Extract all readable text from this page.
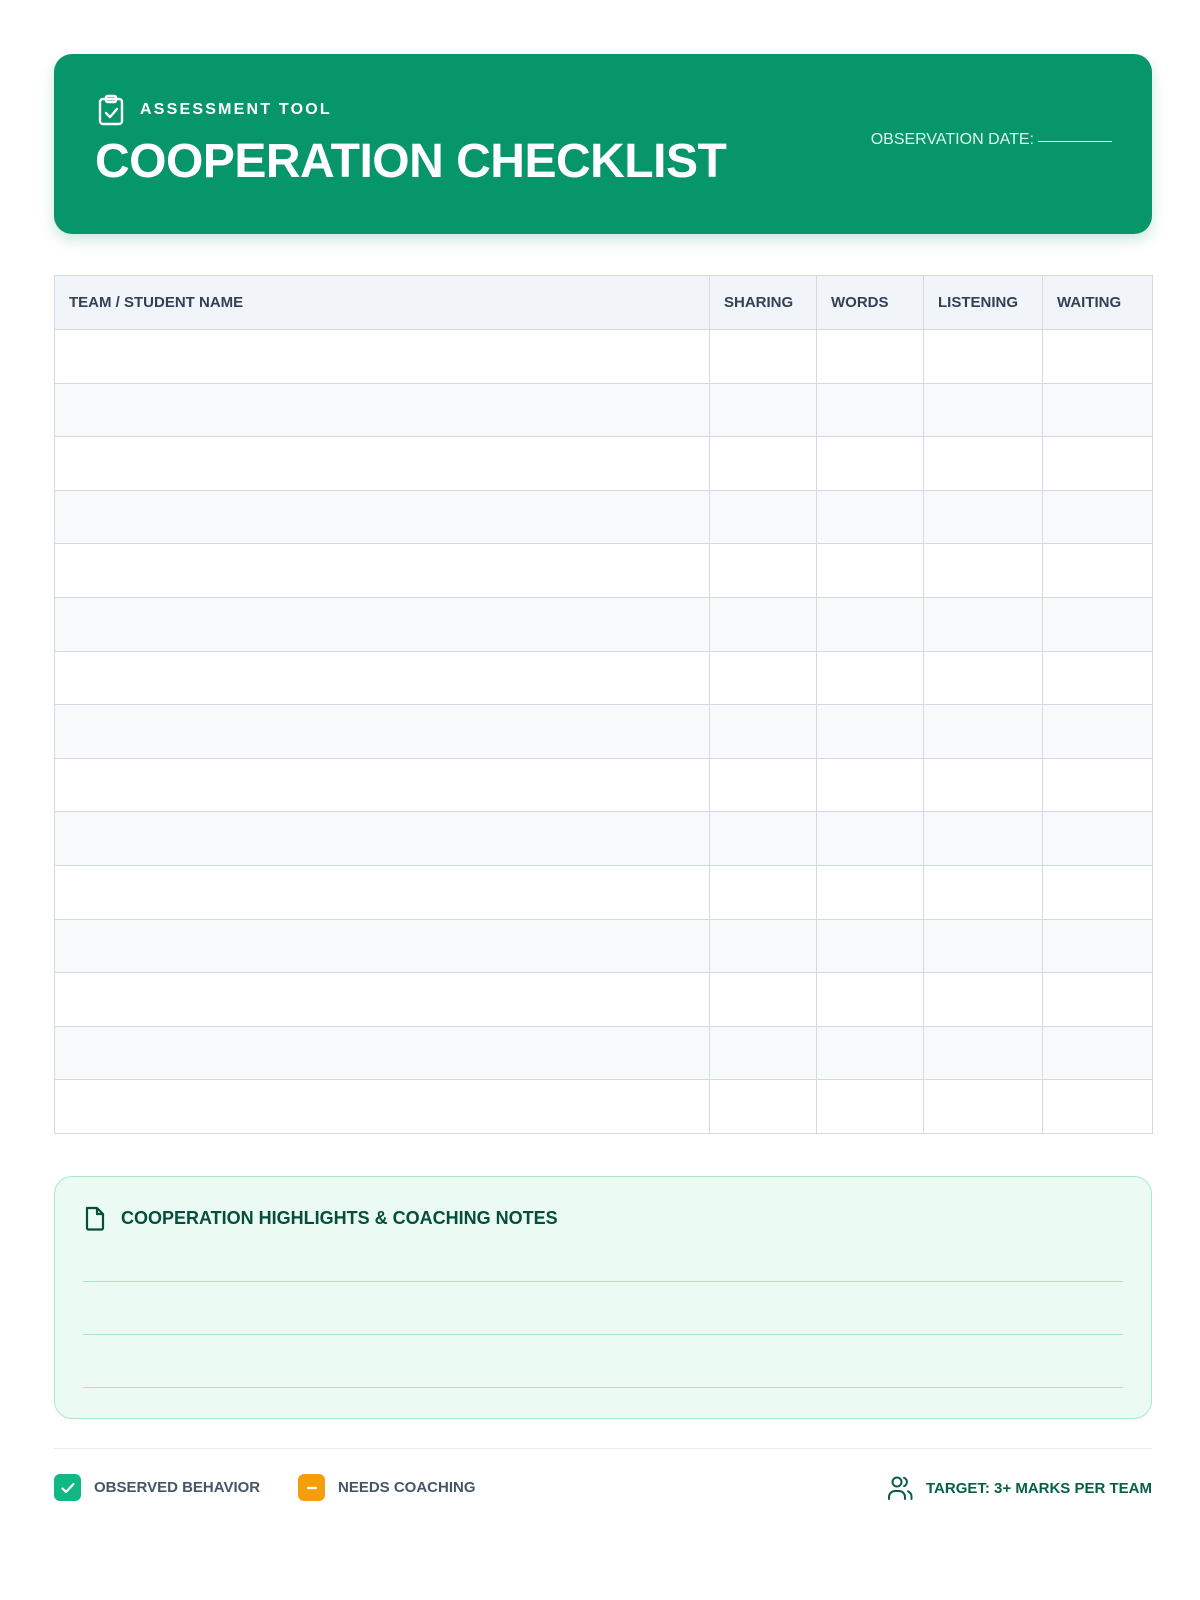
ASSESSMENT TOOL
COOPERATION CHECKLIST	OBSERVATION DATE:
TEAM / STUDENT NAME	SHARING	WORDS	LISTENING	WAITING

COOPERATION HIGHLIGHTS & COACHING NOTES
OBSERVED BEHAVIOR	NEEDS COACHING	TARGET: 3+ MARKS PER TEAM
